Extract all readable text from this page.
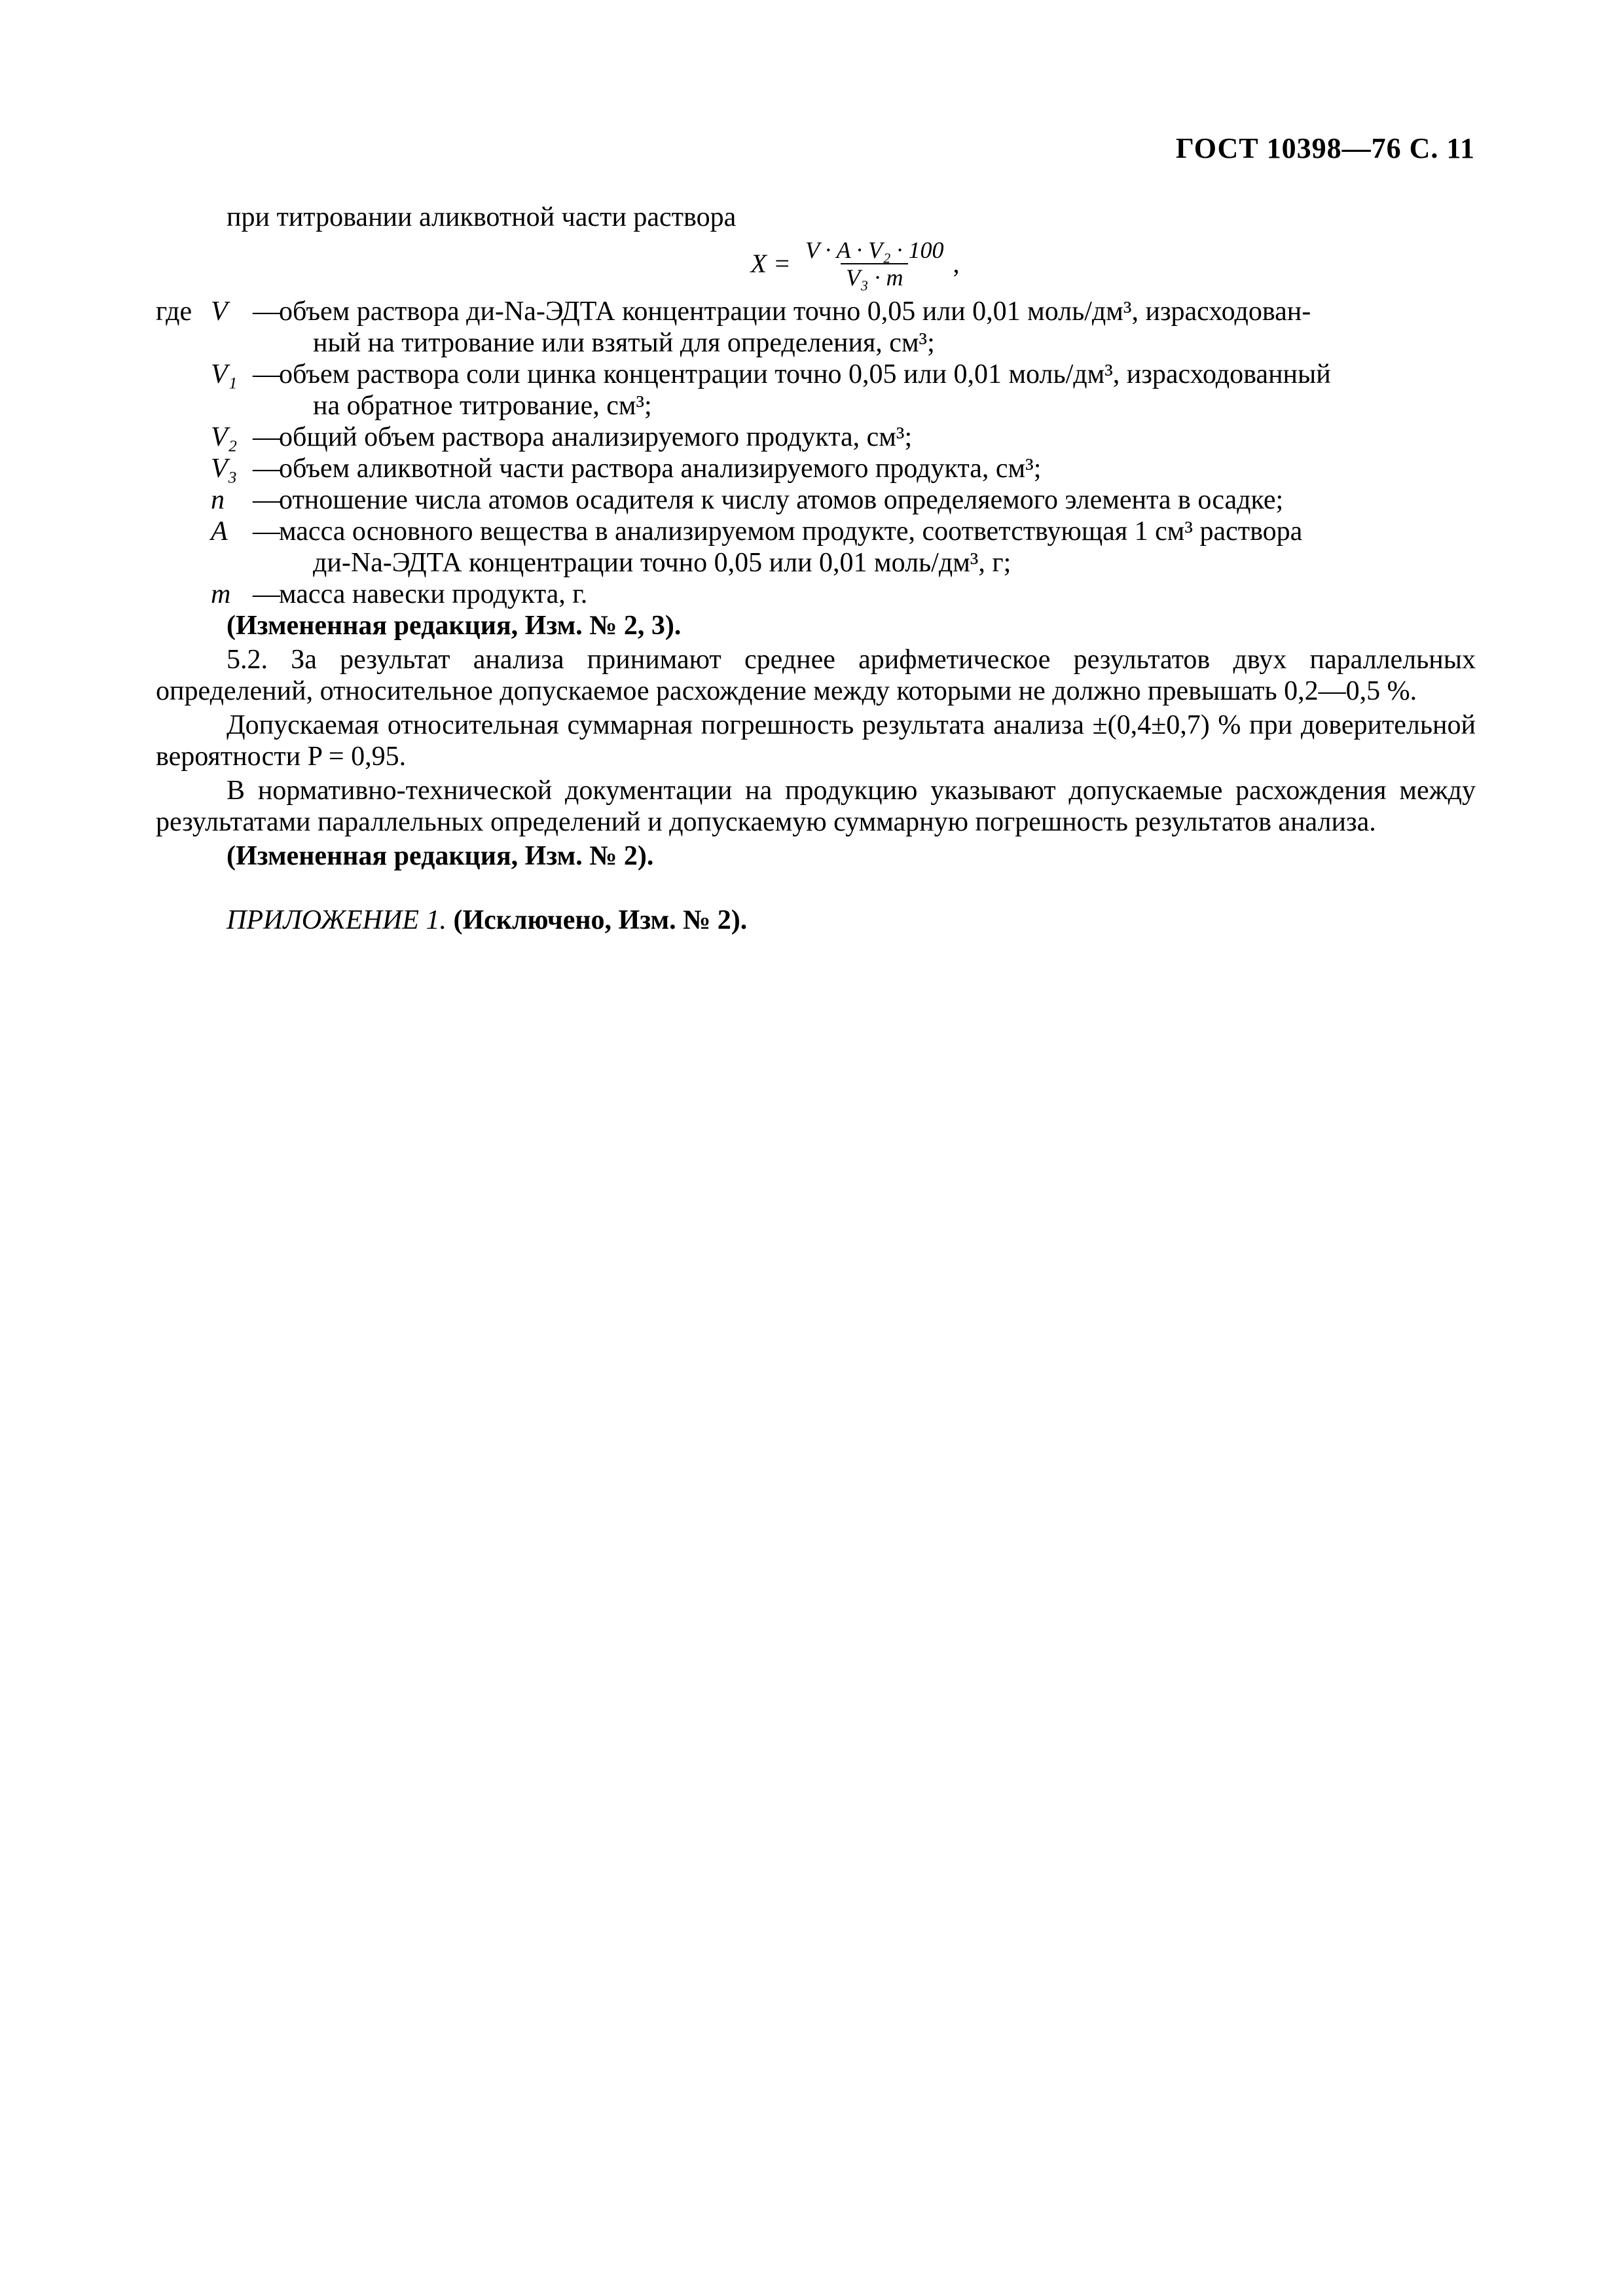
ГОСТ 10398—76 С. 11

при титровании аликвотной части раствора

$X = \frac{\text{V · A · V₂ · 100}}{\text{V₃ · m}}$ ,
где V —
объем раствора ди-Na-ЭДТА концентрации точно 0,05 или 0,01 моль/дм³, израсходован-
ный на титрование или взятый для определения, см³;
V₁ —
объем раствора соли цинка концентрации точно 0,05 или 0,01 моль/дм³, израсходованный
на обратное титрование, см³;
V₂ —
общий объем раствора анализируемого продукта, см³;
V₃ —
объем аликвотной части раствора анализируемого продукта, см³;
n	—
отношение числа атомов осадителя к числу атомов определяемого элемента в осадке;
A —
масса основного вещества в анализируемом продукте, соответствующая 1 см³ раствора
ди-Na-ЭДТА концентрации точно 0,05 или 0,01 моль/дм³, г;
m —
масса навески продукта, г.

(Измененная редакция, Изм. № 2, 3).

5.2. За результат анализа принимают среднее арифметическое результатов двух параллельных определений, относительное допускаемое расхождение между которыми не должно превышать 0,2—0,5 %.

Допускаемая относительная суммарная погрешность результата анализа ±(0,4±0,7) % при доверительной вероятности P = 0,95.

В нормативно-технической документации на продукцию указывают допускаемые расхождения между результатами параллельных определений и допускаемую суммарную погрешность результатов анализа.

(Измененная редакция, Изм. № 2).

ПРИЛОЖЕНИЕ 1. (Исключено, Изм. № 2).
